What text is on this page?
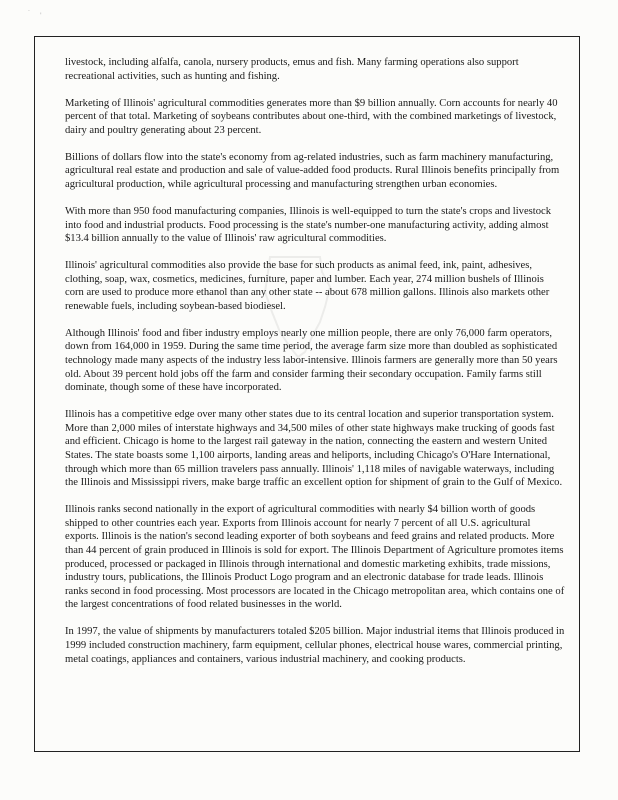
·
'

livestock, including alfalfa, canola, nursery products, emus and fish. Many farming operations also support recreational activities, such as hunting and fishing.

Marketing of Illinois' agricultural commodities generates more than $9 billion annually. Corn accounts for nearly 40 percent of that total. Marketing of soybeans contributes about one-third, with the combined marketings of livestock, dairy and poultry generating about 23 percent.

Billions of dollars flow into the state's economy from ag-related industries, such as farm machinery manufacturing, agricultural real estate and production and sale of value-added food products. Rural Illinois benefits principally from agricultural production, while agricultural processing and manufacturing strengthen urban economies.

With more than 950 food manufacturing companies, Illinois is well-equipped to turn the state's crops and livestock into food and industrial products. Food processing is the state's number-one manufacturing activity, adding almost $13.4 billion annually to the value of Illinois' raw agricultural commodities.

Illinois' agricultural commodities also provide the base for such products as animal feed, ink, paint, adhesives, clothing, soap, wax, cosmetics, medicines, furniture, paper and lumber. Each year, 274 million bushels of Illinois corn are used to produce more ethanol than any other state -- about 678 million gallons. Illinois also markets other renewable fuels, including soybean-based biodiesel.

Although Illinois' food and fiber industry employs nearly one million people, there are only 76,000 farm operators, down from 164,000 in 1959. During the same time period, the average farm size more than doubled as sophisticated technology made many aspects of the industry less labor-intensive. Illinois farmers are generally more than 50 years old. About 39 percent hold jobs off the farm and consider farming their secondary occupation. Family farms still dominate, though some of these have incorporated.

Illinois has a competitive edge over many other states due to its central location and superior transportation system. More than 2,000 miles of interstate highways and 34,500 miles of other state highways make trucking of goods fast and efficient. Chicago is home to the largest rail gateway in the nation, connecting the eastern and western United States. The state boasts some 1,100 airports, landing areas and heliports, including Chicago's O'Hare International, through which more than 65 million travelers pass annually. Illinois' 1,118 miles of navigable waterways, including the Illinois and Mississippi rivers, make barge traffic an excellent option for shipment of grain to the Gulf of Mexico.

Illinois ranks second nationally in the export of agricultural commodities with nearly $4 billion worth of goods shipped to other countries each year. Exports from Illinois account for nearly 7 percent of all U.S. agricultural exports. Illinois is the nation's second leading exporter of both soybeans and feed grains and related products. More than 44 percent of grain produced in Illinois is sold for export. The Illinois Department of Agriculture promotes items produced, processed or packaged in Illinois through international and domestic marketing exhibits, trade missions, industry tours, publications, the Illinois Product Logo program and an electronic database for trade leads. Illinois ranks second in food processing. Most processors are located in the Chicago metropolitan area, which contains one of the largest concentrations of food related businesses in the world.

In 1997, the value of shipments by manufacturers totaled $205 billion. Major industrial items that Illinois produced in 1999 included construction machinery, farm equipment, cellular phones, electrical house wares, commercial printing, metal coatings, appliances and containers, various industrial machinery, and cooking products.
